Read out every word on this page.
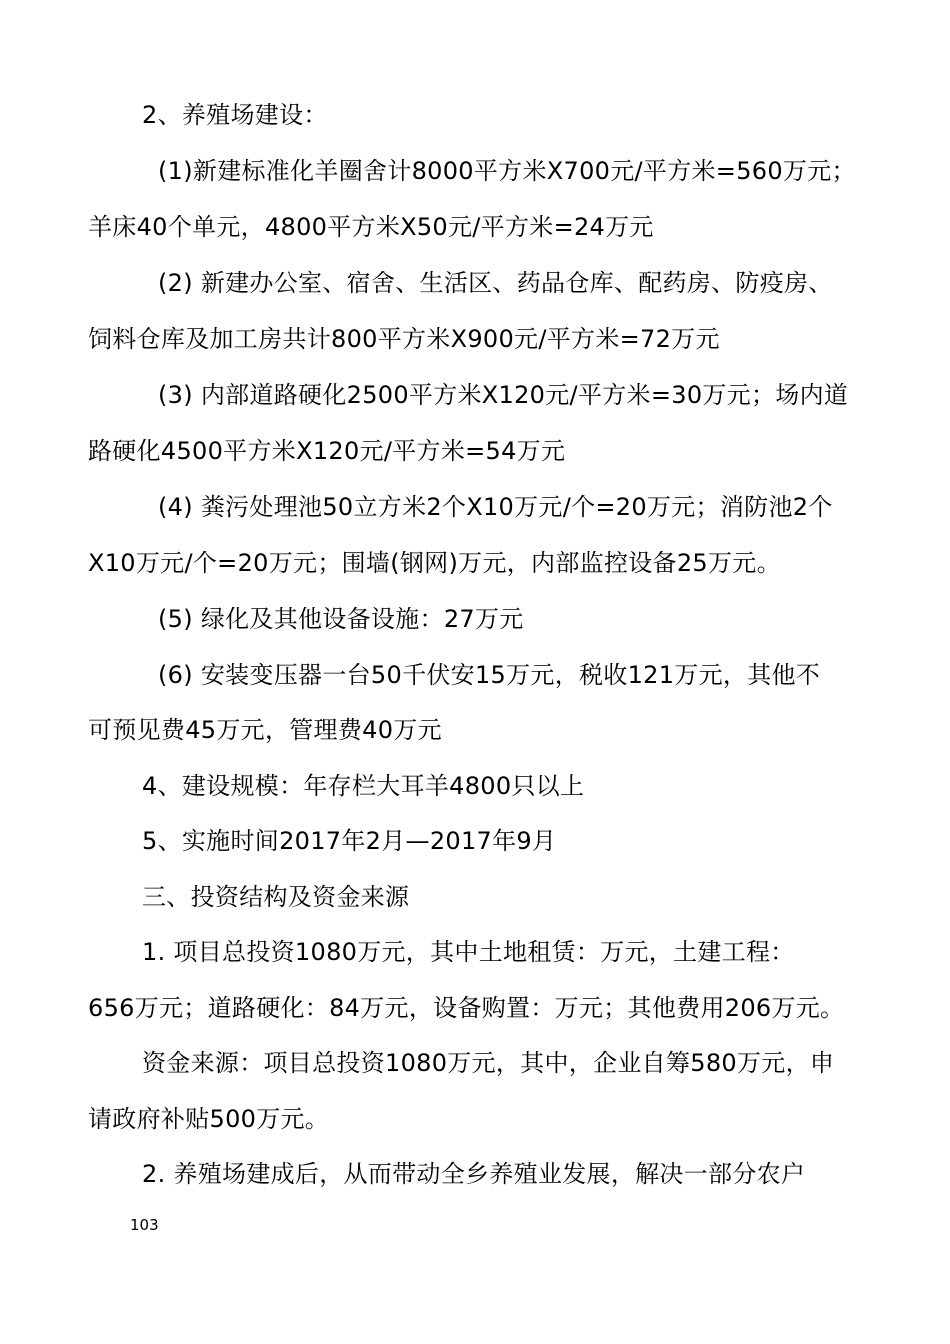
2、养殖场建设：
(1)新建标准化羊圈舍计8000平方米X700元/平方米=560万元；
羊床40个单元，4800平方米X50元/平方米=24万元
(2) 新建办公室、宿舍、生活区、药品仓库、配药房、防疫房、
饲料仓库及加工房共计800平方米X900元/平方米=72万元
(3) 内部道路硬化2500平方米X120元/平方米=30万元；场内道
路硬化4500平方米X120元/平方米=54万元
(4) 粪污处理池50立方米2个X10万元/个=20万元；消防池2个
X10万元/个=20万元；围墙(钢网)万元，内部监控设备25万元。
(5) 绿化及其他设备设施：27万元
(6) 安装变压器一台50千伏安15万元，税收121万元，其他不
可预见费45万元，管理费40万元
4、建设规模：年存栏大耳羊4800只以上
5、实施时间2017年2月—2017年9月
三、投资结构及资金来源
1. 项目总投资1080万元，其中土地租赁：万元，土建工程：
656万元；道路硬化：84万元，设备购置：万元；其他费用206万元。
资金来源：项目总投资1080万元，其中，企业自筹580万元，申
请政府补贴500万元。
2. 养殖场建成后，从而带动全乡养殖业发展，解决一部分农户
103
